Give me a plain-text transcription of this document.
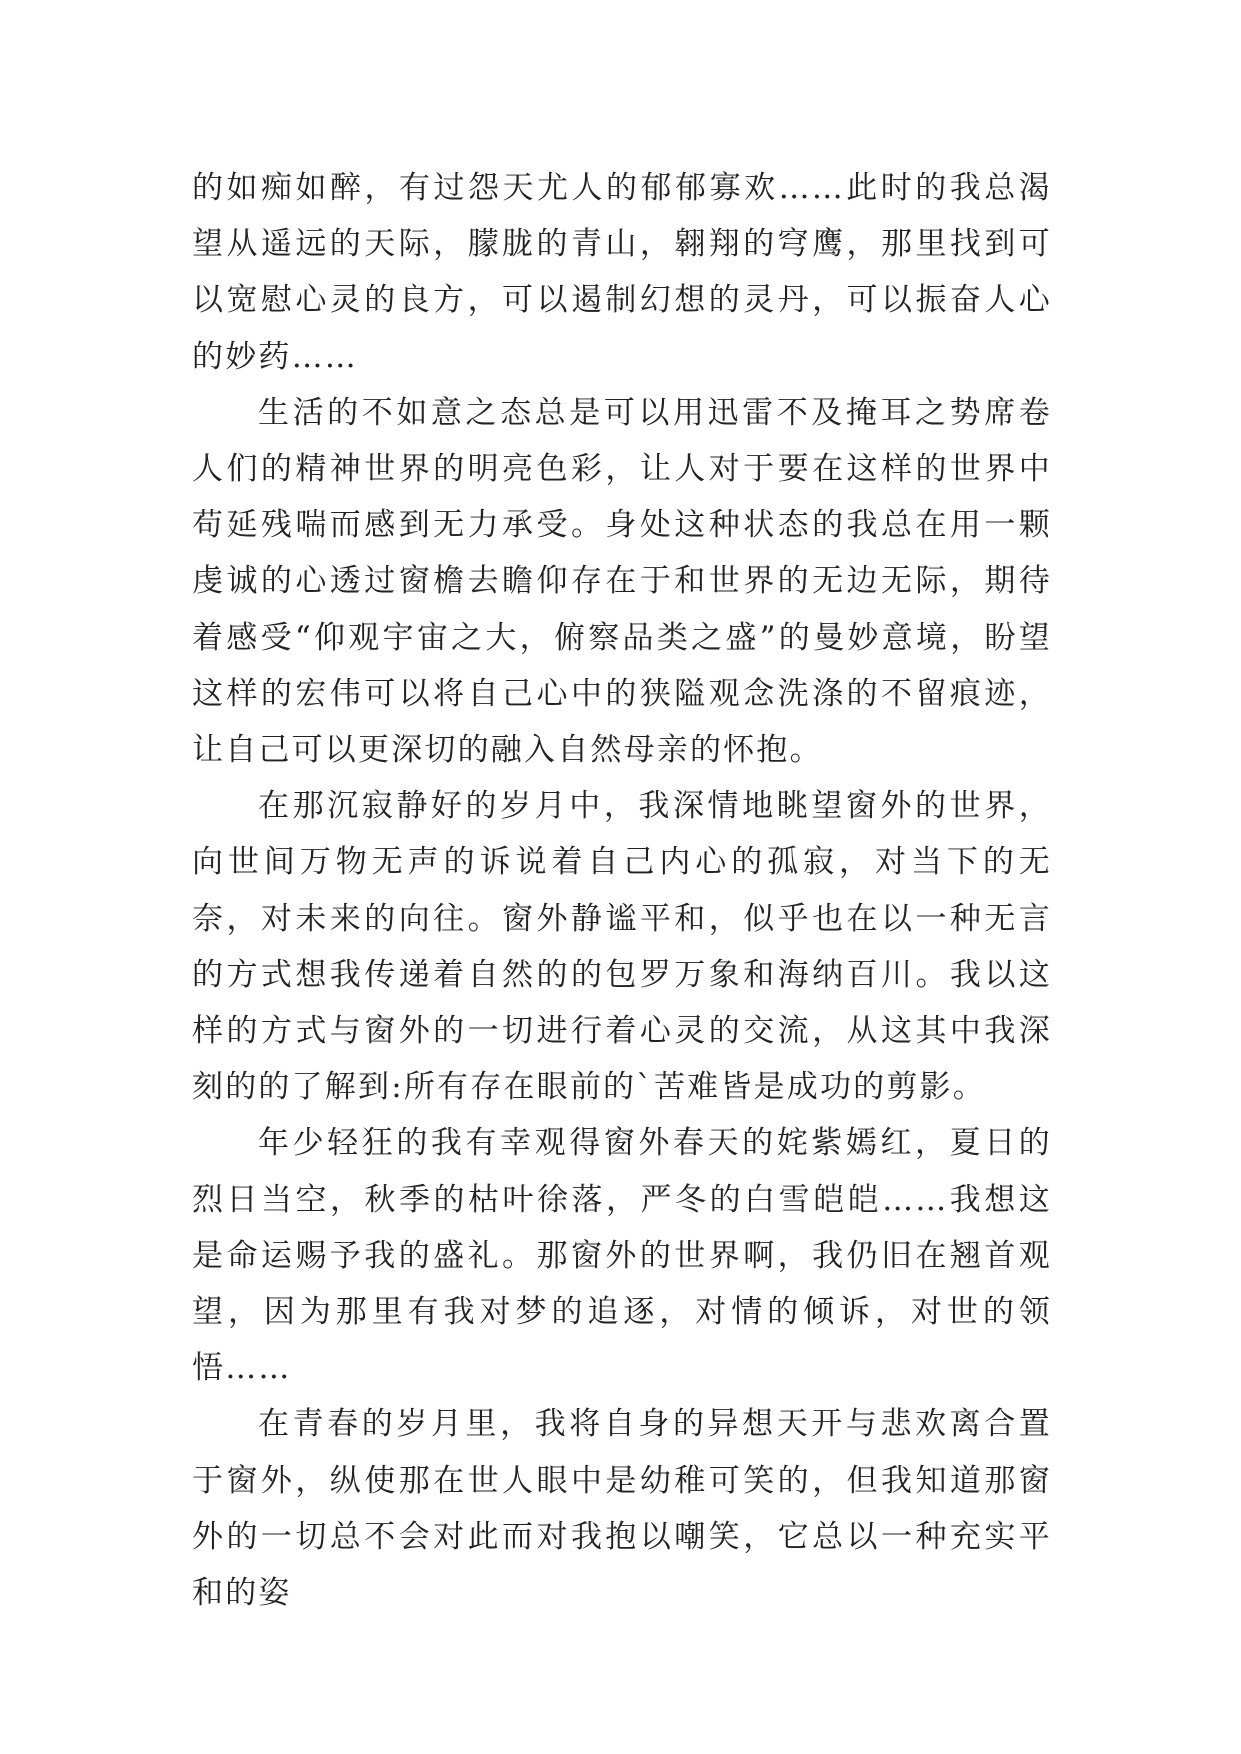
的如痴如醉，有过怨天尤人的郁郁寡欢……此时的我总渴望从遥远的天际，朦胧的青山，翱翔的穹鹰，那里找到可以宽慰心灵的良方，可以遏制幻想的灵丹，可以振奋人心的妙药……

生活的不如意之态总是可以用迅雷不及掩耳之势席卷人们的精神世界的明亮色彩，让人对于要在这样的世界中苟延残喘而感到无力承受。身处这种状态的我总在用一颗虔诚的心透过窗檐去瞻仰存在于和世界的无边无际，期待着感受“仰观宇宙之大，俯察品类之盛”的曼妙意境，盼望这样的宏伟可以将自己心中的狭隘观念洗涤的不留痕迹，让自己可以更深切的融入自然母亲的怀抱。

在那沉寂静好的岁月中，我深情地眺望窗外的世界，向世间万物无声的诉说着自己内心的孤寂，对当下的无奈，对未来的向往。窗外静谧平和，似乎也在以一种无言的方式想我传递着自然的的包罗万象和海纳百川。我以这样的方式与窗外的一切进行着心灵的交流，从这其中我深刻的的了解到:所有存在眼前的`苦难皆是成功的剪影。

年少轻狂的我有幸观得窗外春天的姹紫嫣红，夏日的烈日当空，秋季的枯叶徐落，严冬的白雪皑皑……我想这是命运赐予我的盛礼。那窗外的世界啊，我仍旧在翘首观望，因为那里有我对梦的追逐，对情的倾诉，对世的领悟……

在青春的岁月里，我将自身的异想天开与悲欢离合置于窗外，纵使那在世人眼中是幼稚可笑的，但我知道那窗外的一切总不会对此而对我抱以嘲笑，它总以一种充实平和的姿
